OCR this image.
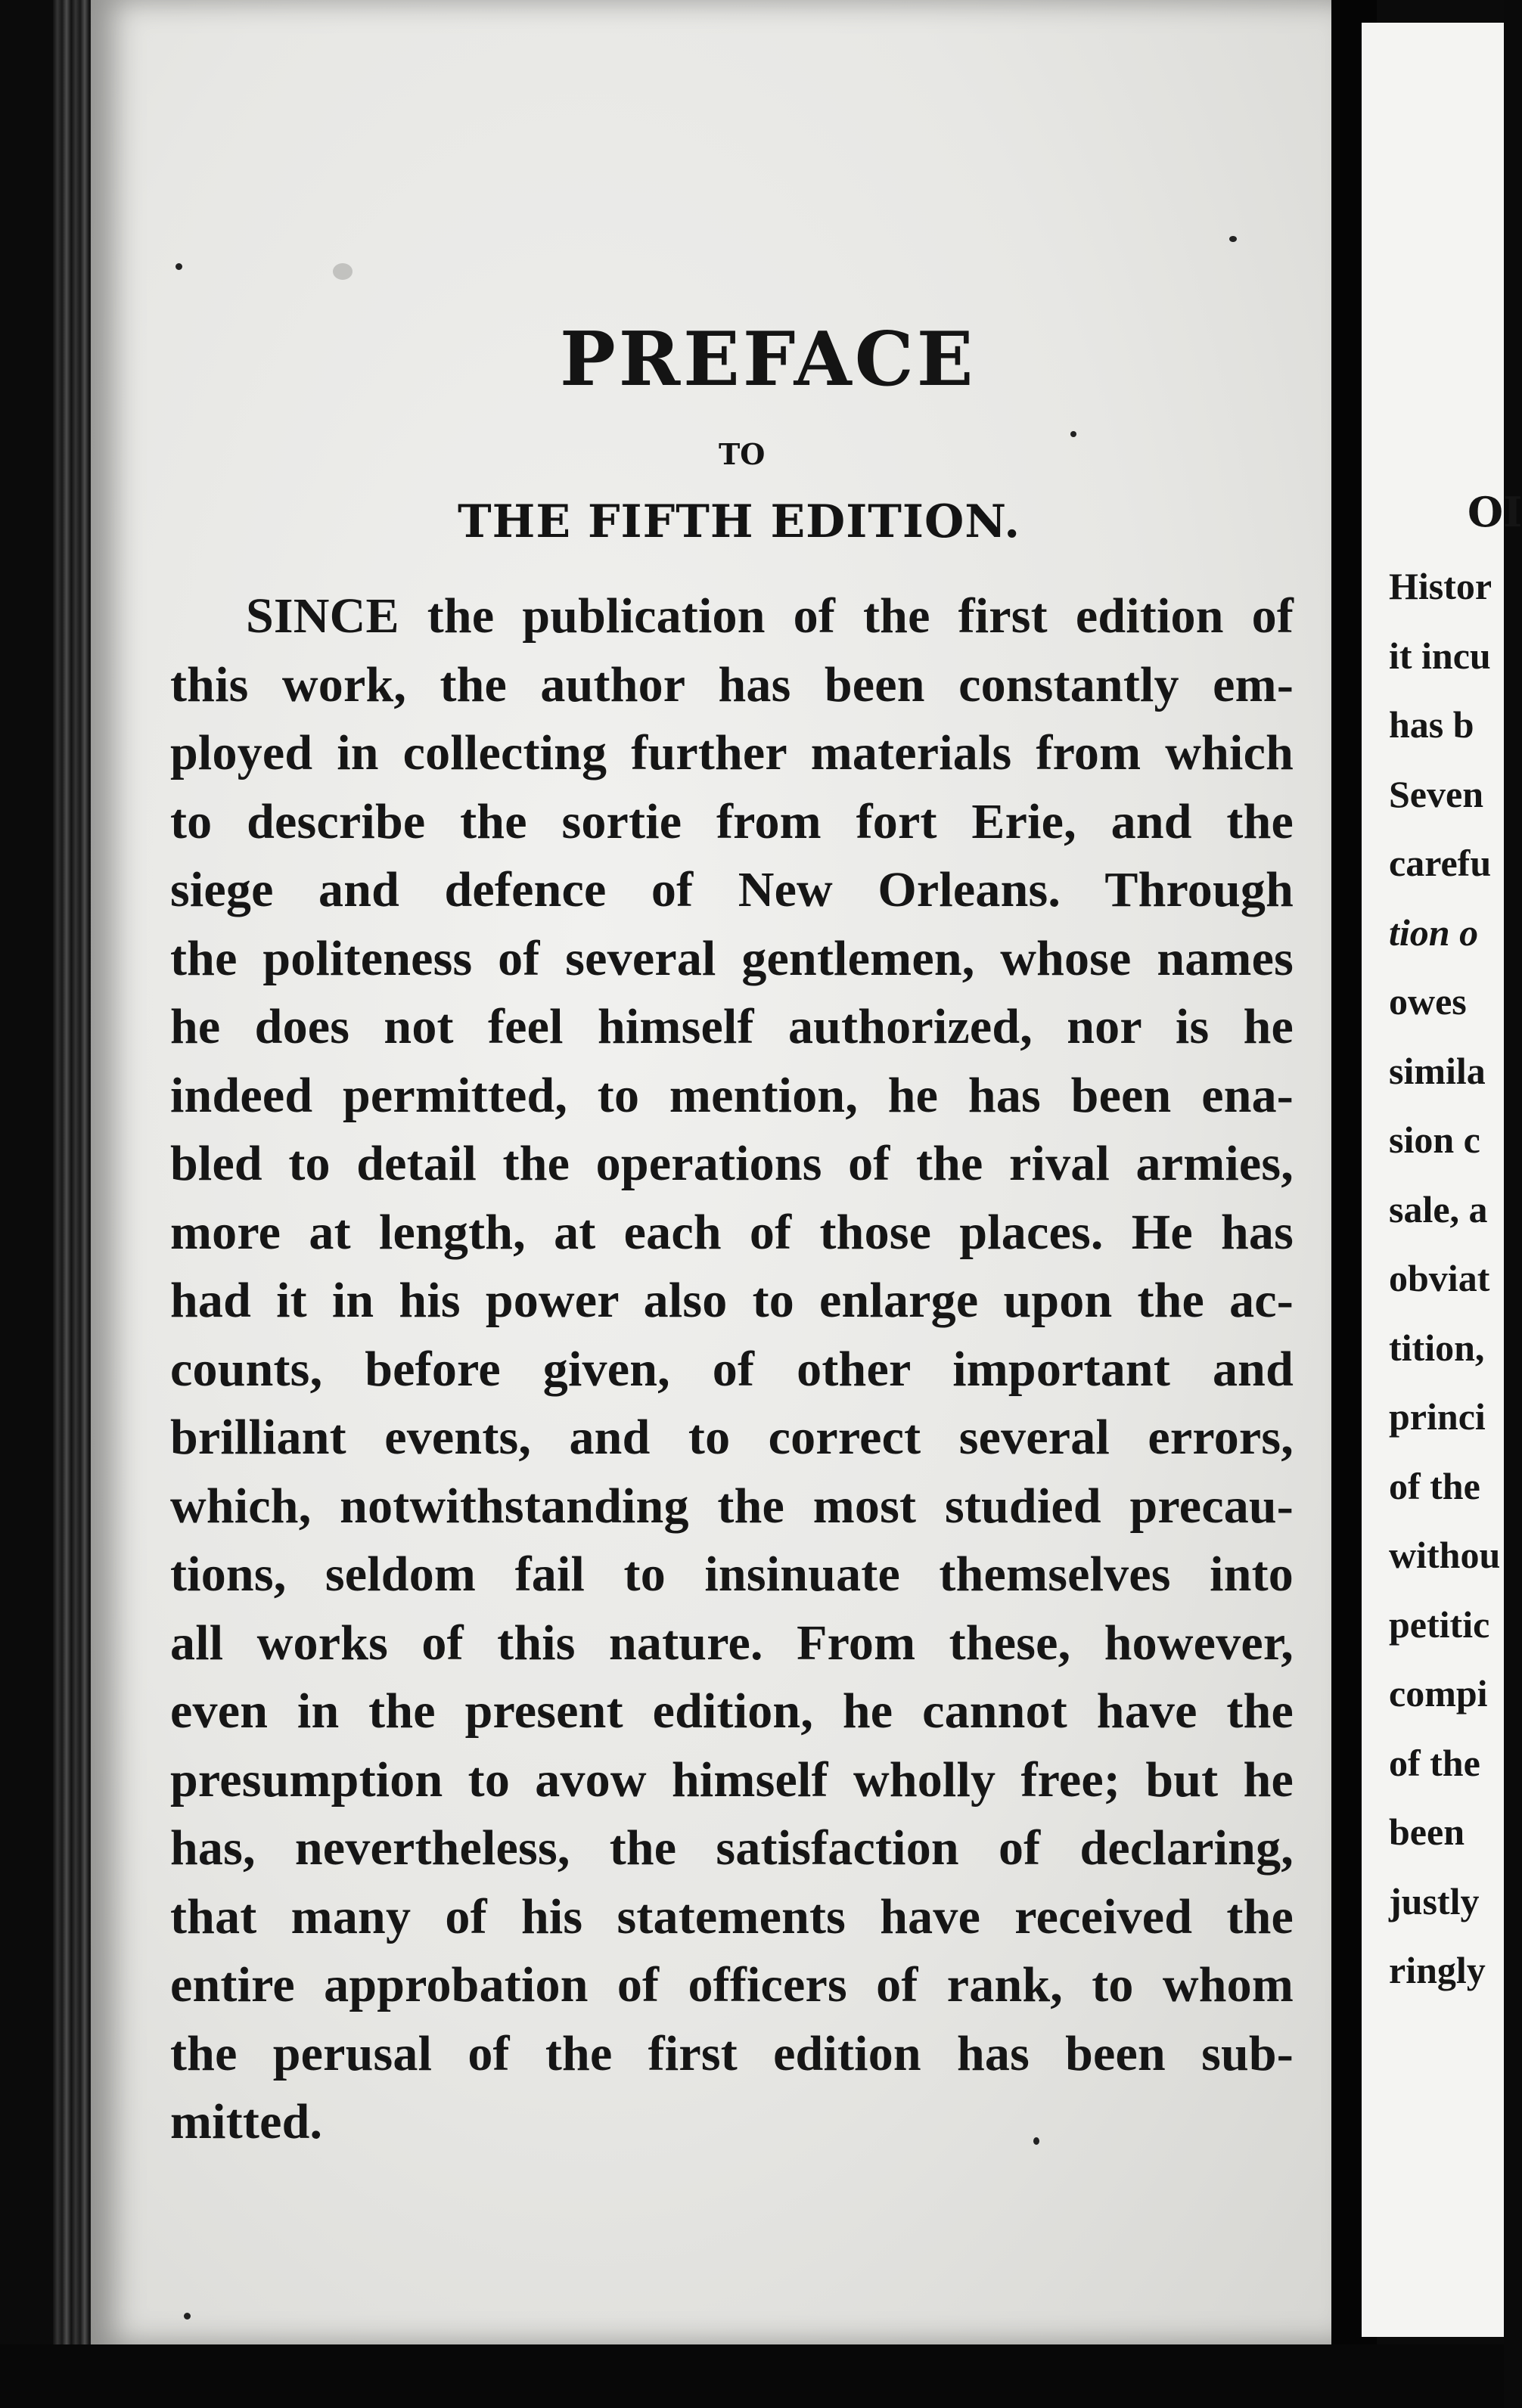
PREFACE
TO
THE FIFTH EDITION.
SINCE the publication of the first edition of
this work, the author has been constantly em-
ployed in collecting further materials from which
to describe the sortie from fort Erie, and the
siege and defence of New Orleans. Through
the politeness of several gentlemen, whose names
he does not feel himself authorized, nor is he
indeed permitted, to mention, he has been ena-
bled to detail the operations of the rival armies,
more at length, at each of those places. He has
had it in his power also to enlarge upon the ac-
counts, before given, of other important and
brilliant events, and to correct several errors,
which, notwithstanding the most studied precau-
tions, seldom fail to insinuate themselves into
all works of this nature. From these, however,
even in the present edition, he cannot have the
presumption to avow himself wholly free; but he
has, nevertheless, the satisfaction of declaring,
that many of his statements have received the
entire approbation of officers of rank, to whom
the perusal of the first edition has been sub-
mitted.
OI
Histor
it incu
has b
Seven
carefu
tion o
owes
simila
sion c
sale, a
obviat
tition,
princi
of the
withou
petitic
compi
of the
been
justly
ringly
